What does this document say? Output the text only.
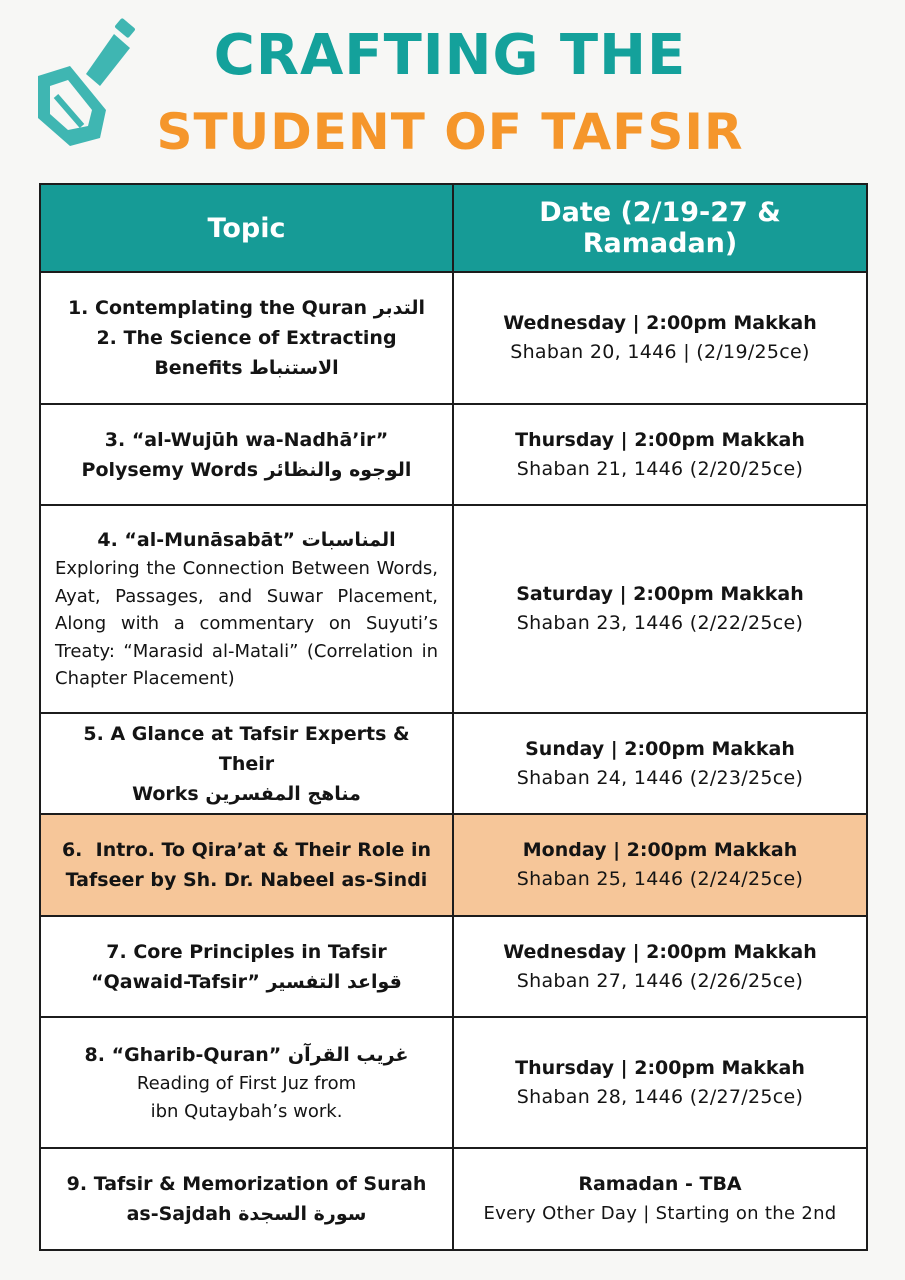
CRAFTING THE
STUDENT OF TAFSIR
Topic	Date (2/19-27 & Ramadan)

1. Contemplating the Quran التدبر
2. The Science of Extracting
Benefits الاستنباط	Wednesday | 2:00pm Makkah
Shaban 20, 1446 | (2/19/25ce)

3. “al-Wujūh wa-Nadhā’ir”
Polysemy Words الوجوه والنظائر	Thursday | 2:00pm Makkah
Shaban 21, 1446 (2/20/25ce)

4. “al-Munāsabāt” المناسبات
Exploring the Connection Between Words, Ayat, Passages, and Suwar Placement, Along with a commentary on Suyuti’s Treaty: “Marasid al-Matali” (Correlation in Chapter Placement)	Saturday | 2:00pm Makkah
Shaban 23, 1446 (2/22/25ce)

5. A Glance at Tafsir Experts & Their
Works مناهج المفسرين	Sunday | 2:00pm Makkah
Shaban 24, 1446 (2/23/25ce)

6.  Intro. To Qira’at & Their Role in
Tafseer by Sh. Dr. Nabeel as-Sindi	Monday | 2:00pm Makkah
Shaban 25, 1446 (2/24/25ce)

7. Core Principles in Tafsir
“Qawaid-Tafsir” قواعد التفسير	Wednesday | 2:00pm Makkah
Shaban 27, 1446 (2/26/25ce)

8. “Gharib-Quran” غريب القرآن
Reading of First Juz from
ibn Qutaybah’s work.	Thursday | 2:00pm Makkah
Shaban 28, 1446 (2/27/25ce)

9. Tafsir & Memorization of Surah
as-Sajdah سورة السجدة	Ramadan - TBA
Every Other Day | Starting on the 2nd
